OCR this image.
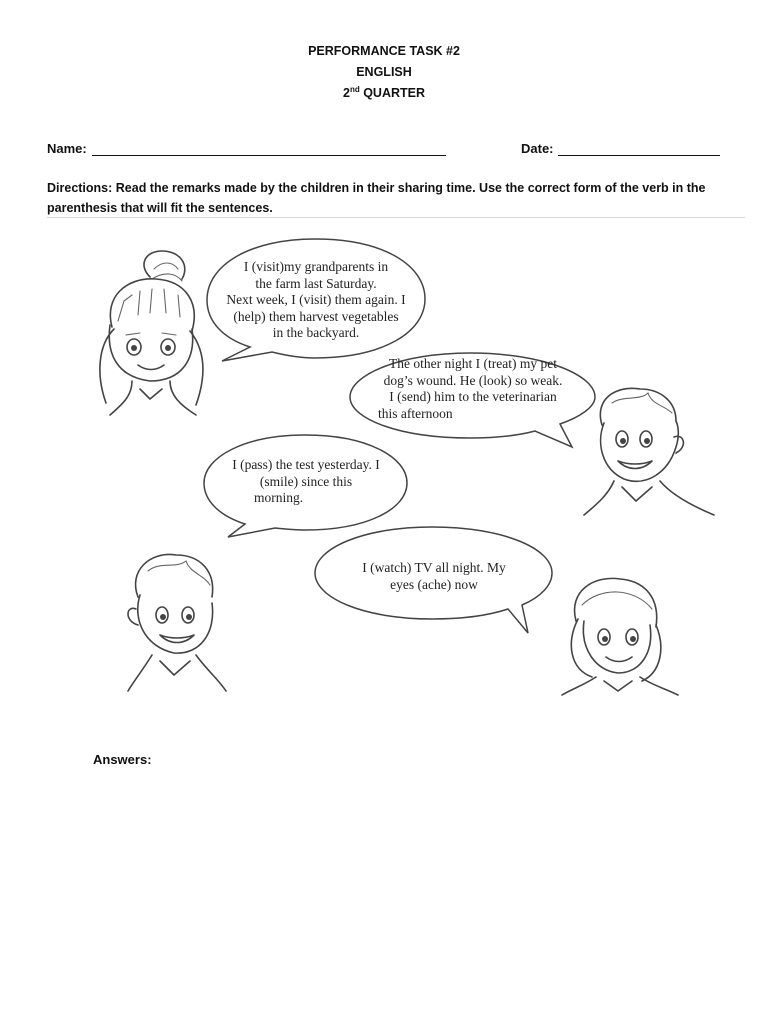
PERFORMANCE TASK #2
ENGLISH
2nd QUARTER
Name:	Date:
Directions: Read the remarks made by the children in their sharing time. Use the correct form of the verb in the parenthesis that will fit the sentences.
I (visit)my grandparents in
the farm last Saturday.
Next week, I (visit) them again. I
(help) them harvest vegetables
in the backyard.
The other night I (treat) my pet
dog’s wound. He (look) so weak.
I (send) him to the veterinarian
this afternoon
I (pass) the test yesterday. I
(smile) since this
morning.
I (watch) TV all night. My
eyes (ache) now
Answers:
